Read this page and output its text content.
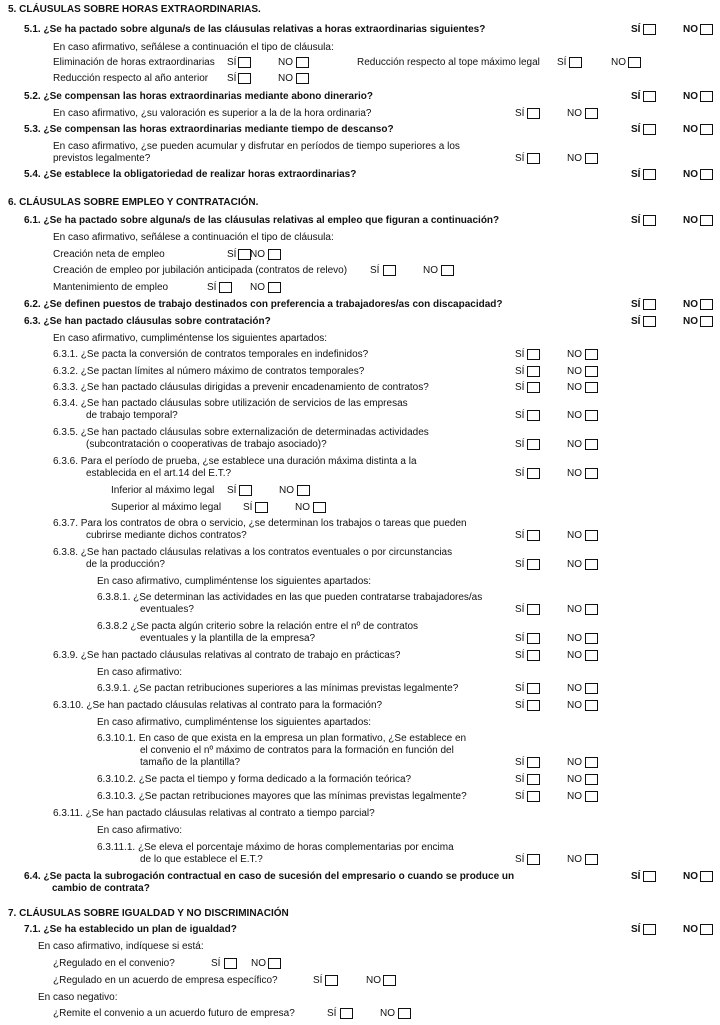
5. CLÁUSULAS SOBRE HORAS EXTRAORDINARIAS.
5.1. ¿Se ha pactado sobre alguna/s de las cláusulas relativas a horas extraordinarias siguientes?	SÍ	NO
En caso afirmativo, señálese a continuación el tipo de cláusula:
Eliminación de horas extraordinarias SÍ	NO	Reducción respecto al tope máximo legal SÍ	NO
Reducción respecto al año anterior SÍ	NO
5.2. ¿Se compensan las horas extraordinarias mediante abono dinerario?	SÍ	NO
En caso afirmativo, ¿su valoración es superior a la de la hora ordinaria?	SÍ	NO
5.3. ¿Se compensan las horas extraordinarias mediante tiempo de descanso?	SÍ	NO
En caso afirmativo, ¿se pueden acumular y disfrutar en períodos de tiempo superiores a los
previstos legalmente?	SÍ	NO
5.4. ¿Se establece la obligatoriedad de realizar horas extraordinarias?	SÍ	NO
6. CLÁUSULAS SOBRE EMPLEO Y CONTRATACIÓN.
6.1. ¿Se ha pactado sobre alguna/s de las cláusulas relativas al empleo que figuran a continuación?	SÍ	NO
En caso afirmativo, señálese a continuación el tipo de cláusula:
Creación neta de empleo	SÍ NO
Creación de empleo por jubilación anticipada (contratos de relevo) SÍ	NO
Mantenimiento de empleo	SÍ	NO
6.2. ¿Se definen puestos de trabajo destinados con preferencia a trabajadores/as con discapacidad?	SÍ	NO
6.3. ¿Se han pactado cláusulas sobre contratación?	SÍ	NO
En caso afirmativo, cumpliméntense los siguientes apartados:
6.3.1. ¿Se pacta la conversión de contratos temporales en indefinidos?	SÍ	NO
6.3.2. ¿Se pactan límites al número máximo de contratos temporales?	SÍ	NO
6.3.3. ¿Se han pactado cláusulas dirigidas a prevenir encadenamiento de contratos?	SÍ	NO
6.3.4. ¿Se han pactado cláusulas sobre utilización de servicios de las empresas
de trabajo temporal?	SÍ	NO
6.3.5. ¿Se han pactado cláusulas sobre externalización de determinadas actividades
(subcontratación o cooperativas de trabajo asociado)?	SÍ	NO
6.3.6. Para el período de prueba, ¿se establece una duración máxima distinta a la
establecida en el art.14 del E.T.?	SÍ	NO
Inferior al máximo legal SÍ	NO
Superior al máximo legal SÍ	NO
6.3.7. Para los contratos de obra o servicio, ¿se determinan los trabajos o tareas que pueden
cubrirse mediante dichos contratos?	SÍ	NO
6.3.8. ¿Se han pactado cláusulas relativas a los contratos eventuales o por circunstancias
de la producción?	SÍ	NO
En caso afirmativo, cumpliméntense los siguientes apartados:
6.3.8.1. ¿Se determinan las actividades en las que pueden contratarse trabajadores/as
eventuales?	SÍ	NO
6.3.8.2 ¿Se pacta algún criterio sobre la relación entre el nº de contratos
eventuales y la plantilla de la empresa?	SÍ	NO
6.3.9. ¿Se han pactado cláusulas relativas al contrato de trabajo en prácticas?	SÍ	NO
En caso afirmativo:
6.3.9.1. ¿Se pactan retribuciones superiores a las mínimas previstas legalmente?	SÍ	NO
6.3.10. ¿Se han pactado cláusulas relativas al contrato para la formación?	SÍ	NO
En caso afirmativo, cumpliméntense los siguientes apartados:
6.3.10.1. En caso de que exista en la empresa un plan formativo, ¿Se establece en
el convenio el nº máximo de contratos para la formación en función del
tamaño de la plantilla?	SÍ	NO
6.3.10.2. ¿Se pacta el tiempo y forma dedicado a la formación teórica?	SÍ	NO
6.3.10.3. ¿Se pactan retribuciones mayores que las mínimas previstas legalmente?	SÍ	NO
6.3.11. ¿Se han pactado cláusulas relativas al contrato a tiempo parcial?
En caso afirmativo:
6.3.11.1. ¿Se eleva el porcentaje máximo de horas complementarias por encima
de lo que establece el E.T.?	SÍ	NO
6.4. ¿Se pacta la subrogación contractual en caso de sucesión del empresario o cuando se produce un
cambio de contrata?
SÍ	NO
7. CLÁUSULAS SOBRE IGUALDAD Y NO DISCRIMINACIÓN
7.1. ¿Se ha establecido un plan de igualdad?	SÍ	NO
En caso afirmativo, indíquese si está:
¿Regulado en el convenio?	SÍ	NO
¿Regulado en un acuerdo de empresa específico?	SÍ	NO
En caso negativo:
¿Remite el convenio a un acuerdo futuro de empresa?	SÍ	NO
